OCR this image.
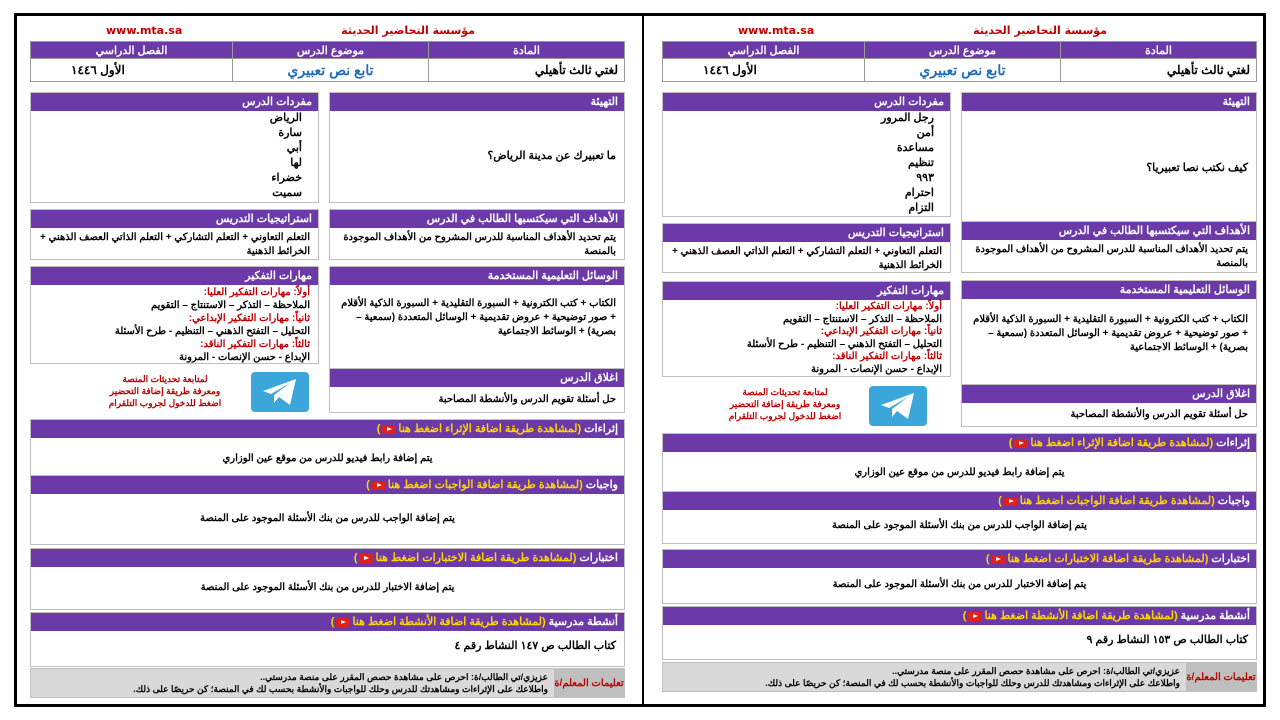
مؤسسة التحاضير الحديثة
www.mta.sa
المادة	موضوع الدرس	الفصل الدراسي
لغتي ثالث تأهيلي	تابع نص تعبيري	الأول ١٤٤٦
التهيئة
ما تعبيرك عن مدينة الرياض؟
مفردات الدرس
الرياض
سارة
أبي
لها
خضراء
سميت
الأهداف التي سيكتسبها الطالب في الدرس
يتم تحديد الأهداف المناسبة للدرس المشروح من الأهداف الموجودة بالمنصة
استراتيجيات التدريس
التعلم التعاوني + التعلم التشاركي + التعلم الذاتي العصف الذهني + الخرائط الذهنية
الوسائل التعليمية المستخدمة
الكتاب + كتب الكترونية + السبورة التقليدية + السبورة الذكية الأقلام + صور توضيحية + عروض تقديمية + الوسائل المتعددة (سمعية – بصرية) + الوسائط الاجتماعية
مهارات التفكير
أولاً: مهارات التفكير العليا:
الملاحظة – التذكر – الاستنتاج – التقويم
ثانياً: مهارات التفكير الإبداعي:
التحليل – التفتح الذهني – التنظيم - طرح الأسئلة
ثالثاً: مهارات التفكير الناقد:
الإبداع - حسن الإنصات - المرونة
اغلاق الدرس
حل أسئلة تقويم الدرس والأنشطة المصاحبة
لمتابعة تحديثات المنصة
ومعرفة طريقة إضافة التحضير
اضغط للدخول لجروب التلقرام
إثراءات (لمشاهدة طريقة اضافة الإثراء اضغط هنا)
يتم إضافة رابط فيديو للدرس من موقع عين الوزاري
واجبات (لمشاهدة طريقة اضافة الواجبات اضغط هنا)
يتم إضافة الواجب للدرس من بنك الأسئلة الموجود على المنصة
اختبارات (لمشاهدة طريقة اضافة الاختبارات اضغط هنا)
يتم إضافة الاختبار للدرس من بنك الأسئلة الموجود على المنصة
أنشطة مدرسية (لمشاهدة طريقة اضافة الأنشطة اضغط هنا)
كتاب الطالب ص ١٤٧ النشاط رقم ٤
تعليمات المعلم/ة
عزيزي/تي الطالب/ة: احرص على مشاهدة حصص المقرر على منصة مدرستي..
واطلاعك على الإثراءات ومشاهدتك للدرس وحلك للواجبات والأنشطة بحسب لك في المنصة؛ كن حريصًا على ذلك.
مؤسسة التحاضير الحديثة
www.mta.sa
المادة	موضوع الدرس	الفصل الدراسي
لغتي ثالث تأهيلي	تابع نص تعبيري	الأول ١٤٤٦
التهيئة
كيف نكتب نصا تعبيريا؟
مفردات الدرس
رجل المرور
أمن
مساعدة
تنظيم
٩٩٣
احترام
التزام
الأهداف التي سيكتسبها الطالب في الدرس
يتم تحديد الأهداف المناسبة للدرس المشروح من الأهداف الموجودة بالمنصة
استراتيجيات التدريس
التعلم التعاوني + التعلم التشاركي + التعلم الذاتي العصف الذهني + الخرائط الذهنية
الوسائل التعليمية المستخدمة
الكتاب + كتب الكترونية + السبورة التقليدية + السبورة الذكية الأقلام + صور توضيحية + عروض تقديمية + الوسائل المتعددة (سمعية – بصرية) + الوسائط الاجتماعية
مهارات التفكير
أولاً: مهارات التفكير العليا:
الملاحظة – التذكر – الاستنتاج – التقويم
ثانياً: مهارات التفكير الإبداعي:
التحليل – التفتح الذهني – التنظيم - طرح الأسئلة
ثالثاً: مهارات التفكير الناقد:
الإبداع - حسن الإنصات - المرونة
اغلاق الدرس
حل أسئلة تقويم الدرس والأنشطة المصاحبة
لمتابعة تحديثات المنصة
ومعرفة طريقة إضافة التحضير
اضغط للدخول لجروب التلقرام
إثراءات (لمشاهدة طريقة اضافة الإثراء اضغط هنا)
يتم إضافة رابط فيديو للدرس من موقع عين الوزاري
واجبات (لمشاهدة طريقة اضافة الواجبات اضغط هنا)
يتم إضافة الواجب للدرس من بنك الأسئلة الموجود على المنصة
اختبارات (لمشاهدة طريقة اضافة الاختبارات اضغط هنا)
يتم إضافة الاختبار للدرس من بنك الأسئلة الموجود على المنصة
أنشطة مدرسية (لمشاهدة طريقة اضافة الأنشطة اضغط هنا)
كتاب الطالب ص ١٥٣ النشاط رقم ٩
تعليمات المعلم/ة
عزيزي/تي الطالب/ة: احرص على مشاهدة حصص المقرر على منصة مدرستي..
واطلاعك على الإثراءات ومشاهدتك للدرس وحلك للواجبات والأنشطة بحسب لك في المنصة؛ كن حريصًا على ذلك.
